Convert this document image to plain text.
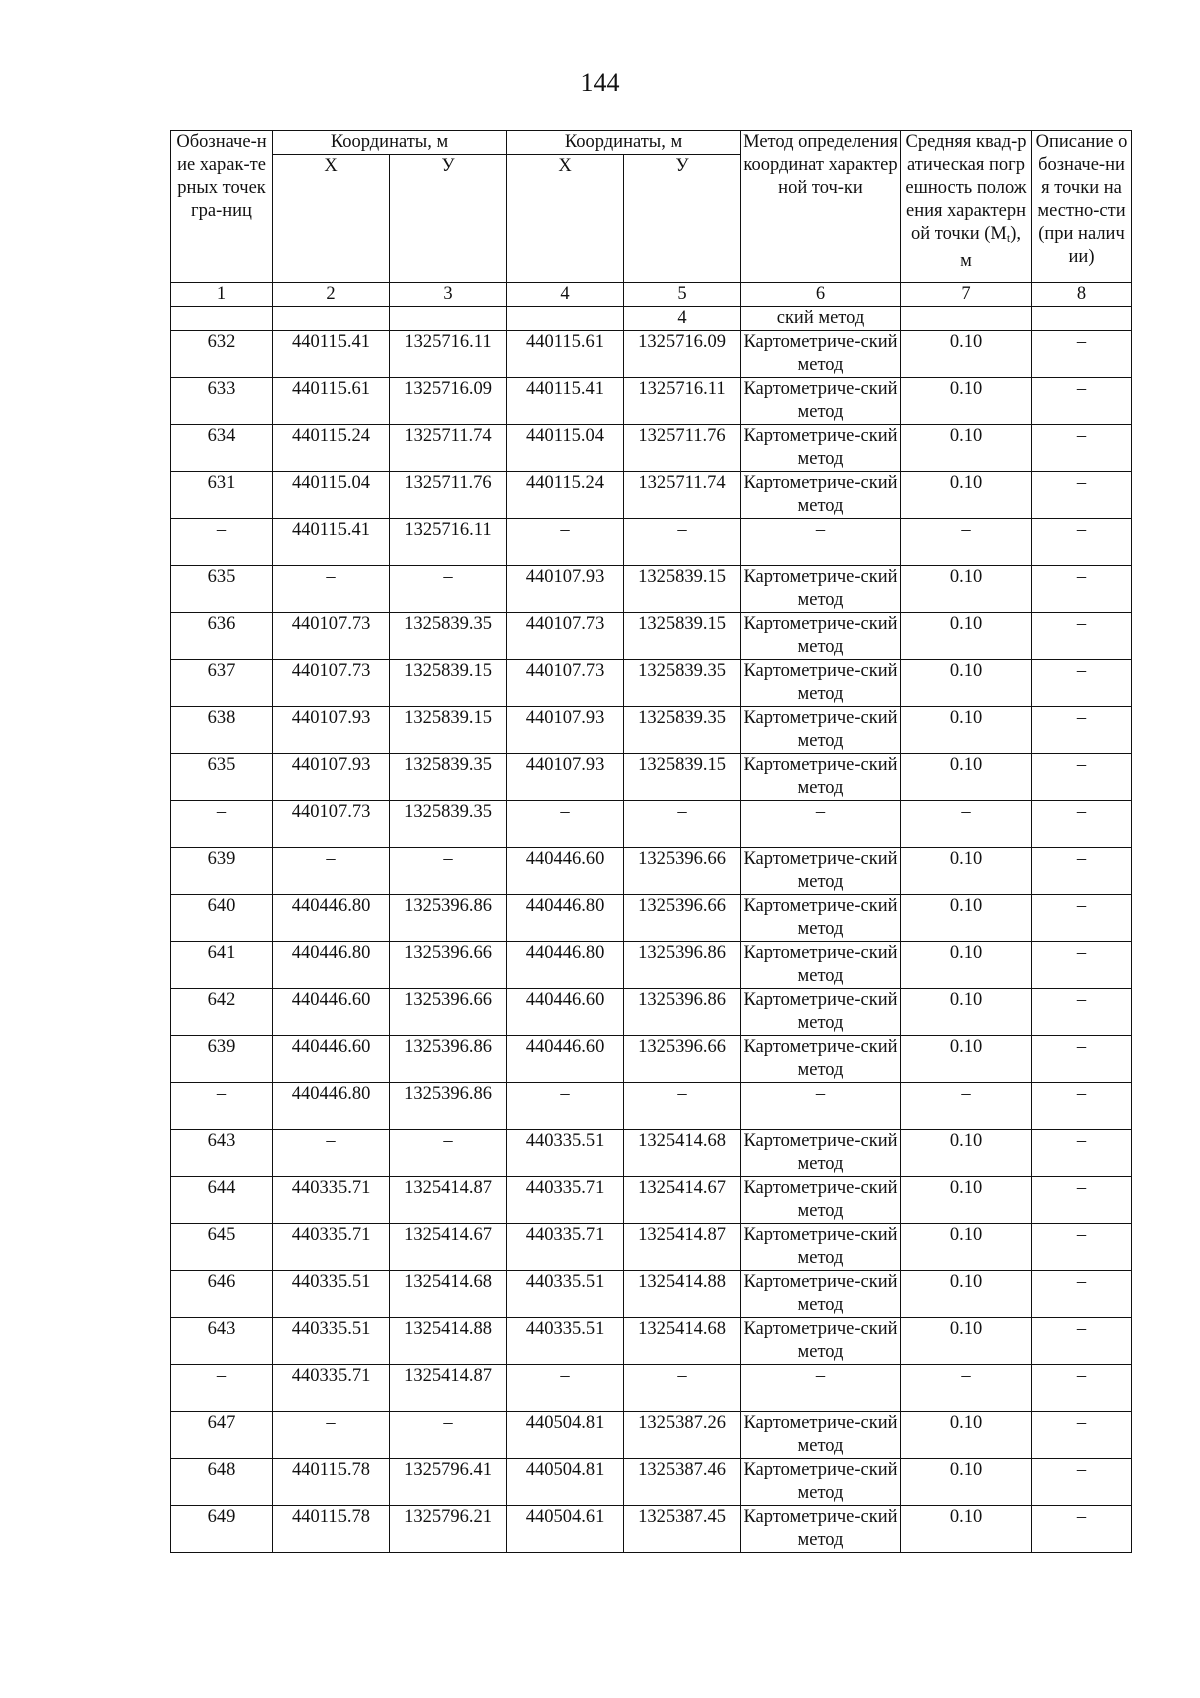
144
Обозначе-ние харак-терных точек гра-ниц	Координаты, м		Координаты, м		Метод определения координат характерной точ-ки	Средняя квад-ратическая погрешность положения характерной точки $(M_t)$, м	Описание обозначе-ния точки на местно-сти (при наличии)
	Х	У	Х	У			
1	2	3	4	5	6	7	8
				4	ский метод		
632	440115.41	1325716.11	440115.61	1325716.09	Картометриче-ский метод	0.10	–
633	440115.61	1325716.09	440115.41	1325716.11	Картометриче-ский метод	0.10	–
634	440115.24	1325711.74	440115.04	1325711.76	Картометриче-ский метод	0.10	–
631	440115.04	1325711.76	440115.24	1325711.74	Картометриче-ский метод	0.10	–
–	440115.41	1325716.11	–	–	–	–	–
635	–	–	440107.93	1325839.15	Картометриче-ский метод	0.10	–
636	440107.73	1325839.35	440107.73	1325839.15	Картометриче-ский метод	0.10	–
637	440107.73	1325839.15	440107.73	1325839.35	Картометриче-ский метод	0.10	–
638	440107.93	1325839.15	440107.93	1325839.35	Картометриче-ский метод	0.10	–
635	440107.93	1325839.35	440107.93	1325839.15	Картометриче-ский метод	0.10	–
–	440107.73	1325839.35	–	–	–	–	–
639	–	–	440446.60	1325396.66	Картометриче-ский метод	0.10	–
640	440446.80	1325396.86	440446.80	1325396.66	Картометриче-ский метод	0.10	–
641	440446.80	1325396.66	440446.80	1325396.86	Картометриче-ский метод	0.10	–
642	440446.60	1325396.66	440446.60	1325396.86	Картометриче-ский метод	0.10	–
639	440446.60	1325396.86	440446.60	1325396.66	Картометриче-ский метод	0.10	–
–	440446.80	1325396.86	–	–	–	–	–
643	–	–	440335.51	1325414.68	Картометриче-ский метод	0.10	–
644	440335.71	1325414.87	440335.71	1325414.67	Картометриче-ский метод	0.10	–
645	440335.71	1325414.67	440335.71	1325414.87	Картометриче-ский метод	0.10	–
646	440335.51	1325414.68	440335.51	1325414.88	Картометриче-ский метод	0.10	–
643	440335.51	1325414.88	440335.51	1325414.68	Картометриче-ский метод	0.10	–
–	440335.71	1325414.87	–	–	–	–	–
647	–	–	440504.81	1325387.26	Картометриче-ский метод	0.10	–
648	440115.78	1325796.41	440504.81	1325387.46	Картометриче-ский метод	0.10	–
649	440115.78	1325796.21	440504.61	1325387.45	Картометриче-ский метод	0.10	–
